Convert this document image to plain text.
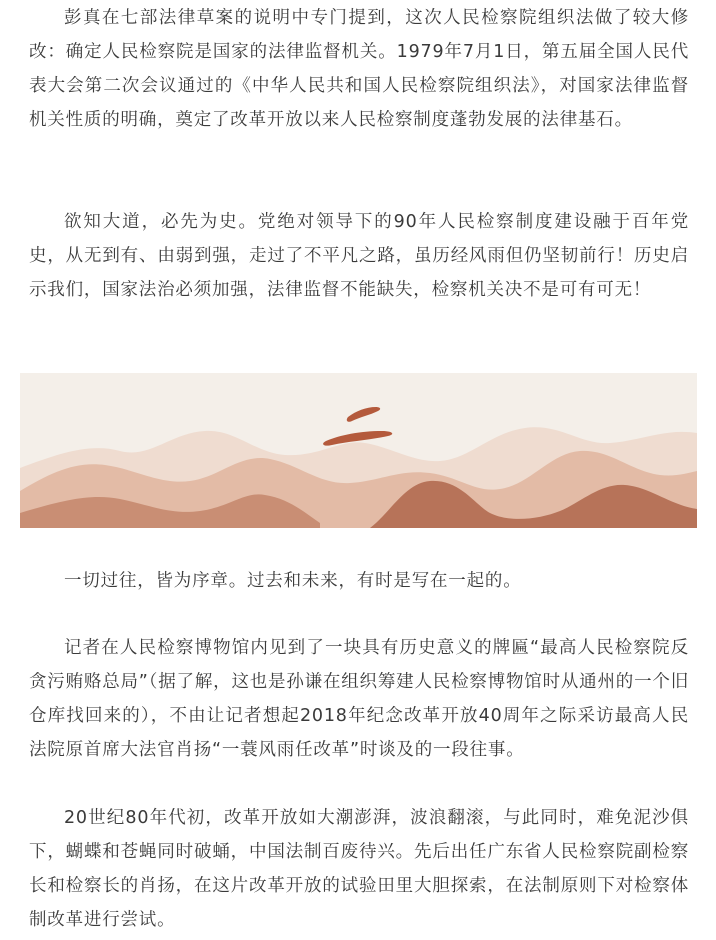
彭真在七部法律草案的说明中专门提到，这次人民检察院组织法做了较大修改：确定人民检察院是国家的法律监督机关。1979年7月1日，第五届全国人民代表大会第二次会议通过的《中华人民共和国人民检察院组织法》，对国家法律监督机关性质的明确，奠定了改革开放以来人民检察制度蓬勃发展的法律基石。

欲知大道，必先为史。党绝对领导下的90年人民检察制度建设融于百年党史，从无到有、由弱到强，走过了不平凡之路，虽历经风雨但仍坚韧前行！历史启示我们，国家法治必须加强，法律监督不能缺失，检察机关决不是可有可无！

一切过往，皆为序章。过去和未来，有时是写在一起的。

记者在人民检察博物馆内见到了一块具有历史意义的牌匾“最高人民检察院反贪污贿赂总局”（据了解，这也是孙谦在组织筹建人民检察博物馆时从通州的一个旧仓库找回来的），不由让记者想起2018年纪念改革开放40周年之际采访最高人民法院原首席大法官肖扬“一蓑风雨任改革”时谈及的一段往事。

20世纪80年代初，改革开放如大潮澎湃，波浪翻滚，与此同时，难免泥沙俱下，蝴蝶和苍蝇同时破蛹，中国法制百废待兴。先后出任广东省人民检察院副检察长和检察长的肖扬，在这片改革开放的试验田里大胆探索，在法制原则下对检察体制改革进行尝试。
